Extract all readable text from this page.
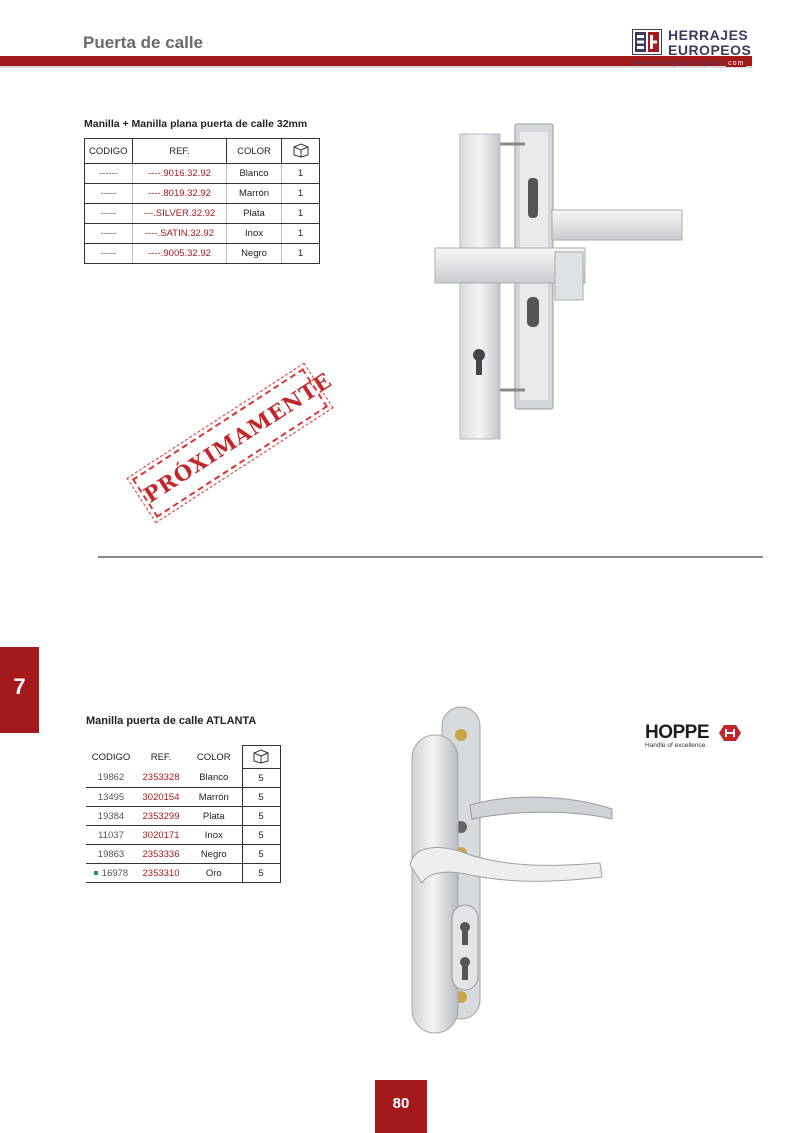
Puerta de calle	HERRAJES
EUROPEOS
www.herrajeseuropeos. com
Manilla + Manilla plana puerta de calle 32mm
CODIGO	REF.	COLOR	
------	----.9016.32.92	Blanco	1
-----	----.8019.32.92	Marrón	1
-----	---.SILVER.32.92	Plata	1
-----	----.SATIN.32.92	Inox	1
-----	----.9005.32.92	Negro	1
PRÓXIMAMENTE
7
Manilla puerta de calle ATLANTA
CODIGO	REF.	COLOR	
19862	2353328	Blanco	5
13495	3020154	Marrón	5
19384	2353299	Plata	5
11037	3020171	Inox	5
19863	2353336	Negro	5
16978	2353310	Oro	5
HOPPE
Handle of excellence.
80
